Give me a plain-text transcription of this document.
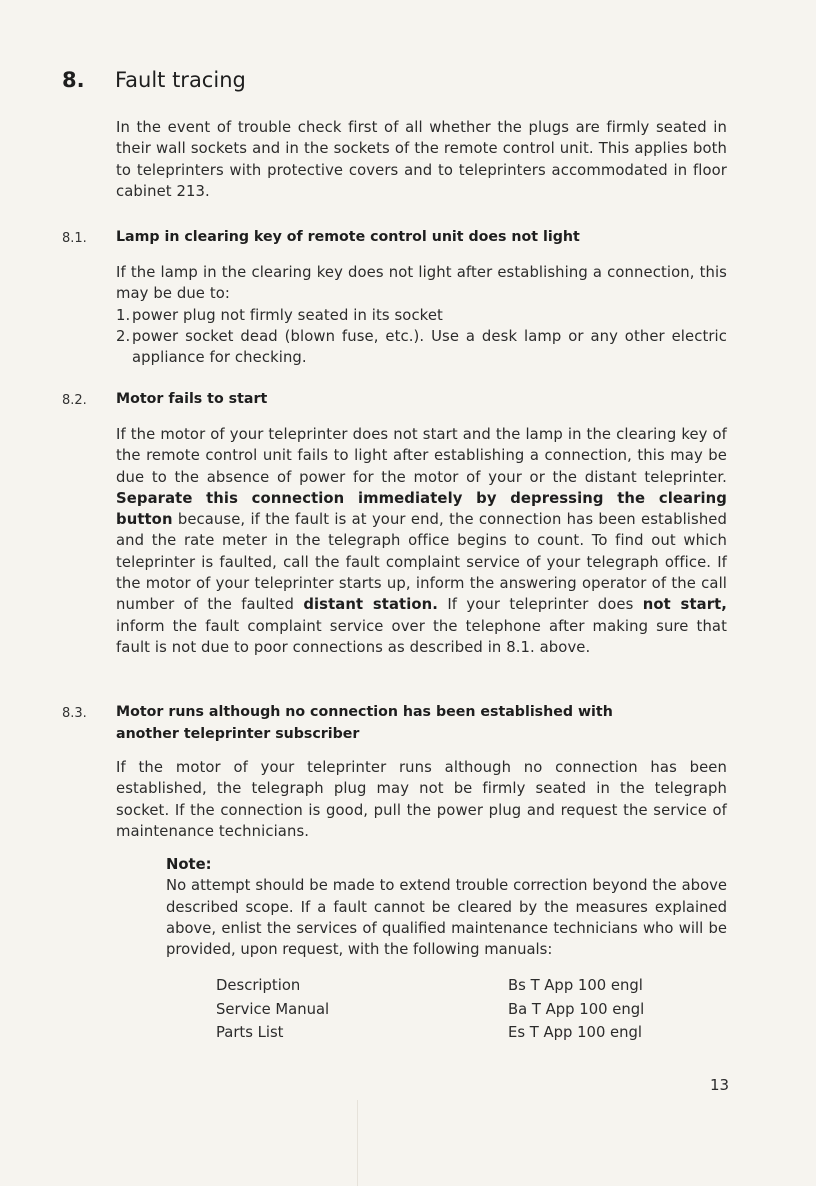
8. Fault tracing
In the event of trouble check first of all whether the plugs are firmly seated in their wall sockets and in the sockets of the remote control unit. This applies both to teleprinters with protective covers and to teleprinters accommodated in floor cabinet 213.
8.1. Lamp in clearing key of remote control unit does not light
If the lamp in the clearing key does not light after establishing a connection, this may be due to:
1. power plug not firmly seated in its socket
2. power socket dead (blown fuse, etc.). Use a desk lamp or any other electric appliance for checking.
8.2. Motor fails to start
If the motor of your teleprinter does not start and the lamp in the clearing key of the remote control unit fails to light after establishing a connection, this may be due to the absence of power for the motor of your or the distant teleprinter. Separate this connection immediately by depressing the clearing button because, if the fault is at your end, the connection has been established and the rate meter in the telegraph office begins to count. To find out which teleprinter is faulted, call the fault complaint service of your telegraph office. If the motor of your teleprinter starts up, inform the answering operator of the call number of the faulted distant station. If your teleprinter does not start, inform the fault complaint service over the telephone after making sure that fault is not due to poor connections as described in 8.1. above.
8.3. Motor runs although no connection has been established with another teleprinter subscriber
If the motor of your teleprinter runs although no connection has been established, the telegraph plug may not be firmly seated in the telegraph socket. If the connection is good, pull the power plug and request the service of maintenance technicians.
Note:
No attempt should be made to extend trouble correction beyond the above described scope. If a fault cannot be cleared by the measures explained above, enlist the services of qualified maintenance technicians who will be provided, upon request, with the following manuals:
Description	Bs T App 100 engl
Service Manual	Ba T App 100 engl
Parts List	Es T App 100 engl
13
